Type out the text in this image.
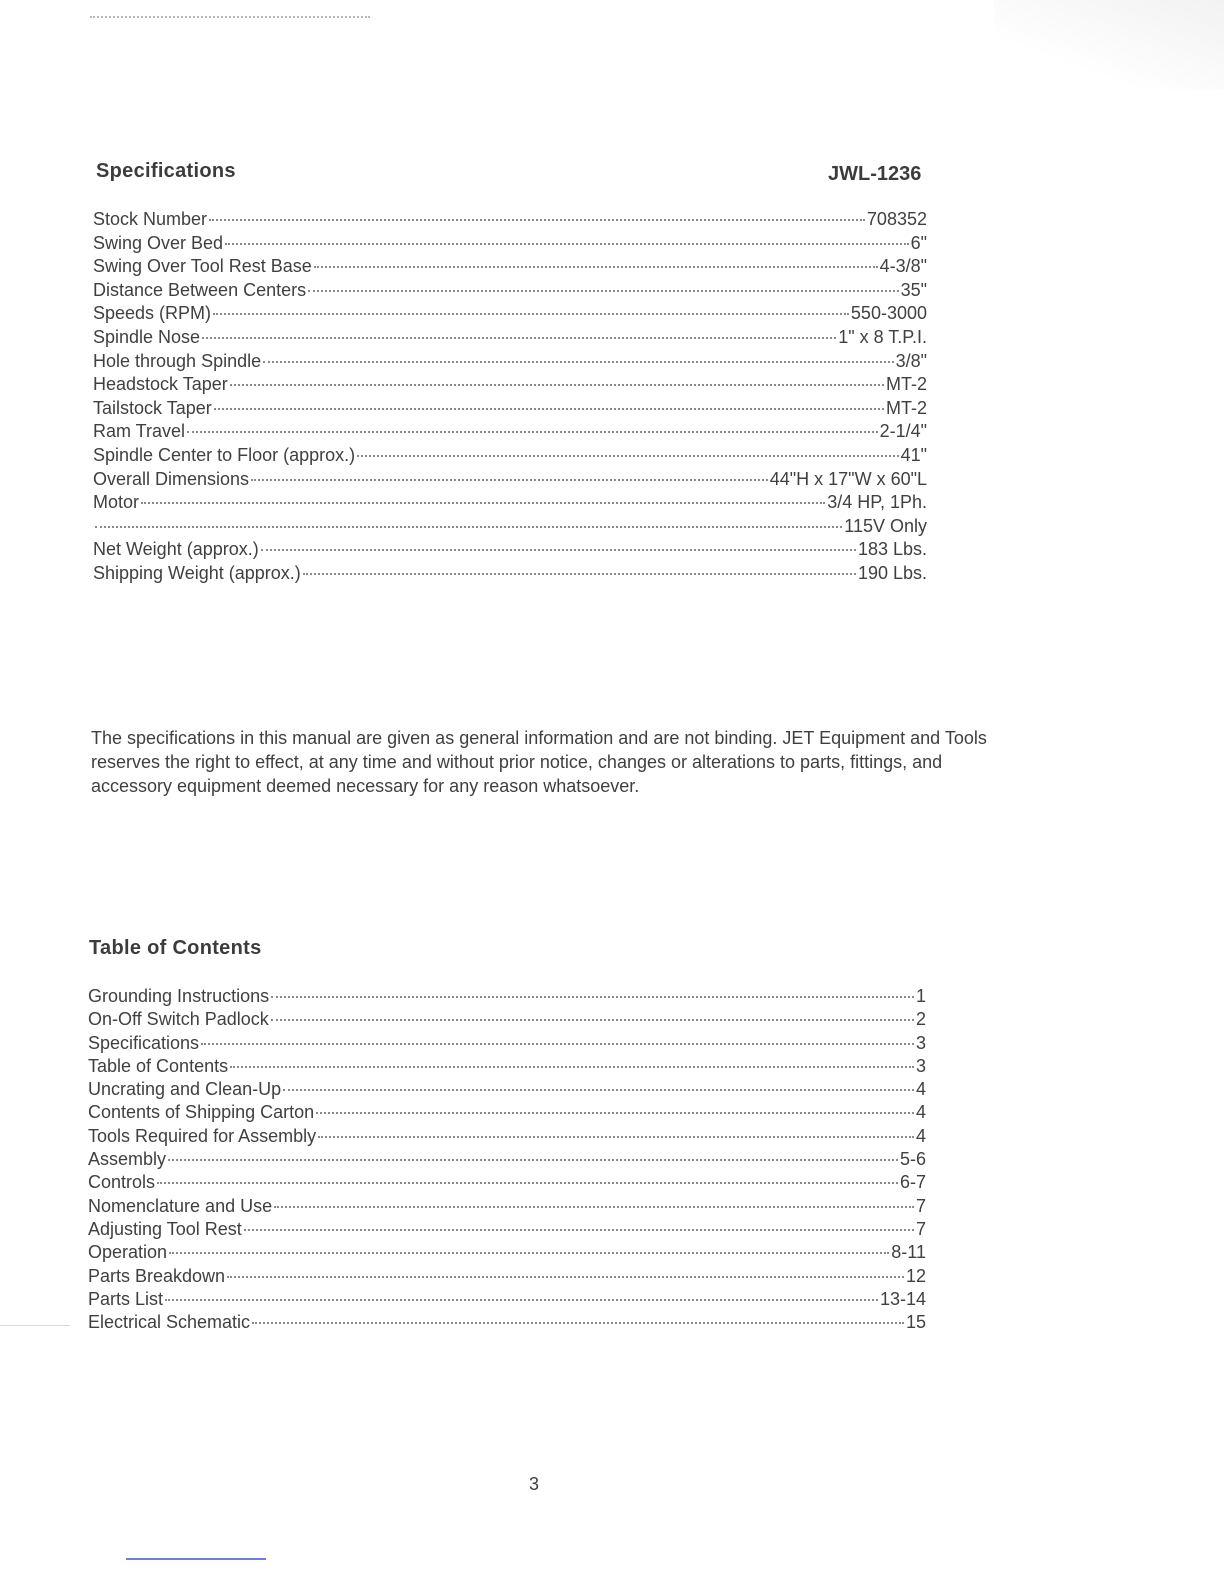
Specifications	JWL-1236
Stock Number	708352
Swing Over Bed	6"
Swing Over Tool Rest Base	4-3/8"
Distance Between Centers	35"
Speeds (RPM)	550-3000
Spindle Nose	1" x 8 T.P.I.
Hole through Spindle	3/8"
Headstock Taper	MT-2
Tailstock Taper	MT-2
Ram Travel	2-1/4"
Spindle Center to Floor (approx.)	41"
Overall Dimensions	44"H x 17"W x 60"L
Motor	3/4 HP, 1Ph.
115V Only
Net Weight (approx.)	183 Lbs.
Shipping Weight (approx.)	190 Lbs.

The specifications in this manual are given as general information and are not binding. JET Equipment and Tools reserves the right to effect, at any time and without prior notice, changes or alterations to parts, fittings, and accessory equipment deemed necessary for any reason whatsoever.

Table of Contents
Grounding Instructions	1
On-Off Switch Padlock	2
Specifications	3
Table of Contents	3
Uncrating and Clean-Up	4
Contents of Shipping Carton	4
Tools Required for Assembly	4
Assembly	5-6
Controls	6-7
Nomenclature and Use	7
Adjusting Tool Rest	7
Operation	8-11
Parts Breakdown	12
Parts List	13-14
Electrical Schematic	15
3
